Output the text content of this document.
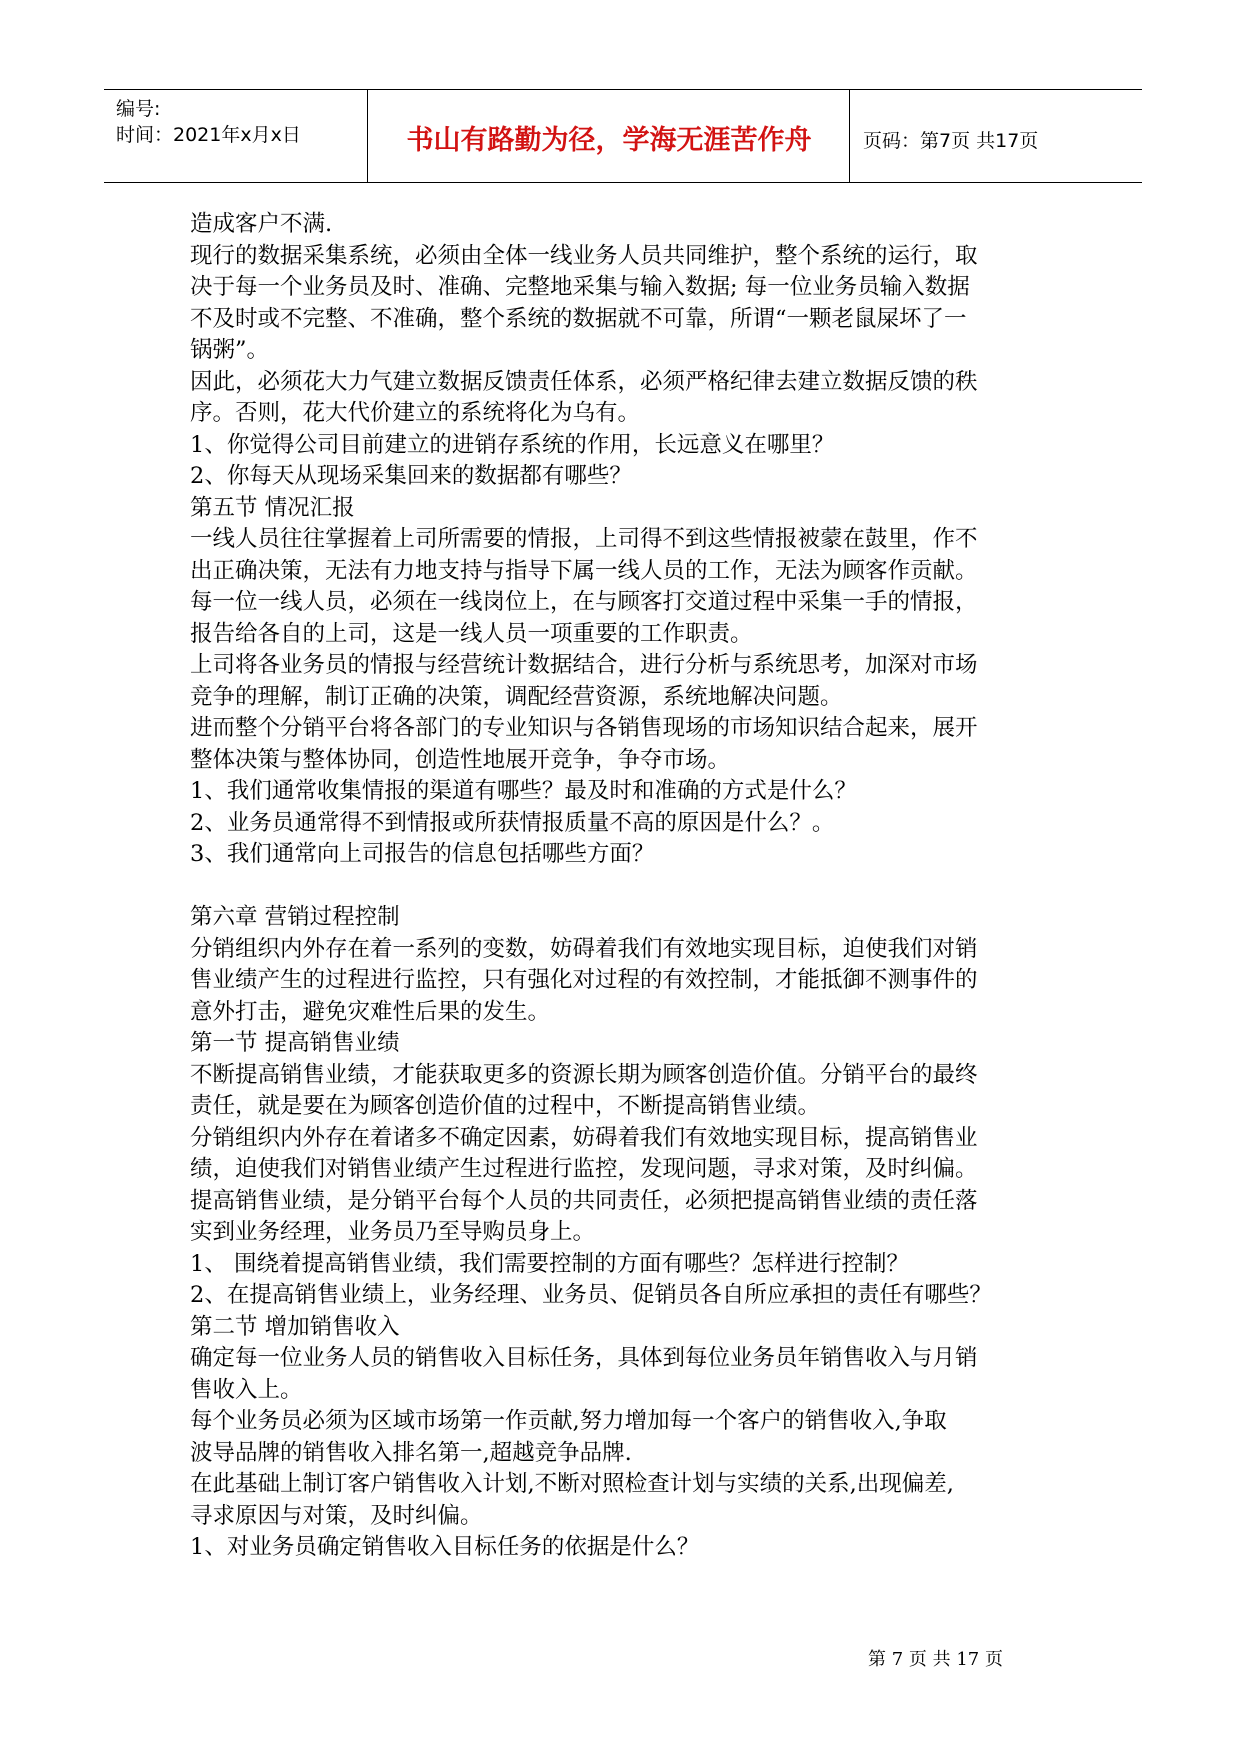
编号:
时间：2021年x月x日	书山有路勤为径，学海无涯苦作舟	页码：第7页 共17页
造成客户不满.
现行的数据采集系统，必须由全体一线业务人员共同维护，整个系统的运行，取
决于每一个业务员及时、准确、完整地采集与输入数据; 每一位业务员输入数据
不及时或不完整、不准确，整个系统的数据就不可靠，所谓“一颗老鼠屎坏了一
锅粥”。
因此，必须花大力气建立数据反馈责任体系，必须严格纪律去建立数据反馈的秩
序。否则，花大代价建立的系统将化为乌有。
1、你觉得公司目前建立的进销存系统的作用，长远意义在哪里？
2、你每天从现场采集回来的数据都有哪些？
第五节 情况汇报
一线人员往往掌握着上司所需要的情报，上司得不到这些情报被蒙在鼓里，作不
出正确决策，无法有力地支持与指导下属一线人员的工作，无法为顾客作贡献。
每一位一线人员，必须在一线岗位上，在与顾客打交道过程中采集一手的情报，
报告给各自的上司，这是一线人员一项重要的工作职责。
上司将各业务员的情报与经营统计数据结合，进行分析与系统思考，加深对市场
竞争的理解，制订正确的决策，调配经营资源，系统地解决问题。
进而整个分销平台将各部门的专业知识与各销售现场的市场知识结合起来，展开
整体决策与整体协同，创造性地展开竞争，争夺市场。
1、我们通常收集情报的渠道有哪些？最及时和准确的方式是什么？
2、业务员通常得不到情报或所获情报质量不高的原因是什么？。
3、我们通常向上司报告的信息包括哪些方面？
第六章 营销过程控制
分销组织内外存在着一系列的变数，妨碍着我们有效地实现目标，迫使我们对销
售业绩产生的过程进行监控，只有强化对过程的有效控制，才能抵御不测事件的
意外打击，避免灾难性后果的发生。
第一节 提高销售业绩
不断提高销售业绩，才能获取更多的资源长期为顾客创造价值。分销平台的最终
责任，就是要在为顾客创造价值的过程中，不断提高销售业绩。
分销组织内外存在着诸多不确定因素，妨碍着我们有效地实现目标，提高销售业
绩，迫使我们对销售业绩产生过程进行监控，发现问题，寻求对策，及时纠偏。
提高销售业绩，是分销平台每个人员的共同责任，必须把提高销售业绩的责任落
实到业务经理，业务员乃至导购员身上。
1、 围绕着提高销售业绩，我们需要控制的方面有哪些？怎样进行控制？
2、在提高销售业绩上，业务经理、业务员、促销员各自所应承担的责任有哪些？
第二节 增加销售收入
确定每一位业务人员的销售收入目标任务，具体到每位业务员年销售收入与月销
售收入上。
每个业务员必须为区域市场第一作贡献,努力增加每一个客户的销售收入,争取
波导品牌的销售收入排名第一,超越竞争品牌.
在此基础上制订客户销售收入计划,不断对照检查计划与实绩的关系,出现偏差,
寻求原因与对策，及时纠偏。
1、对业务员确定销售收入目标任务的依据是什么？
第 7 页 共 17 页
